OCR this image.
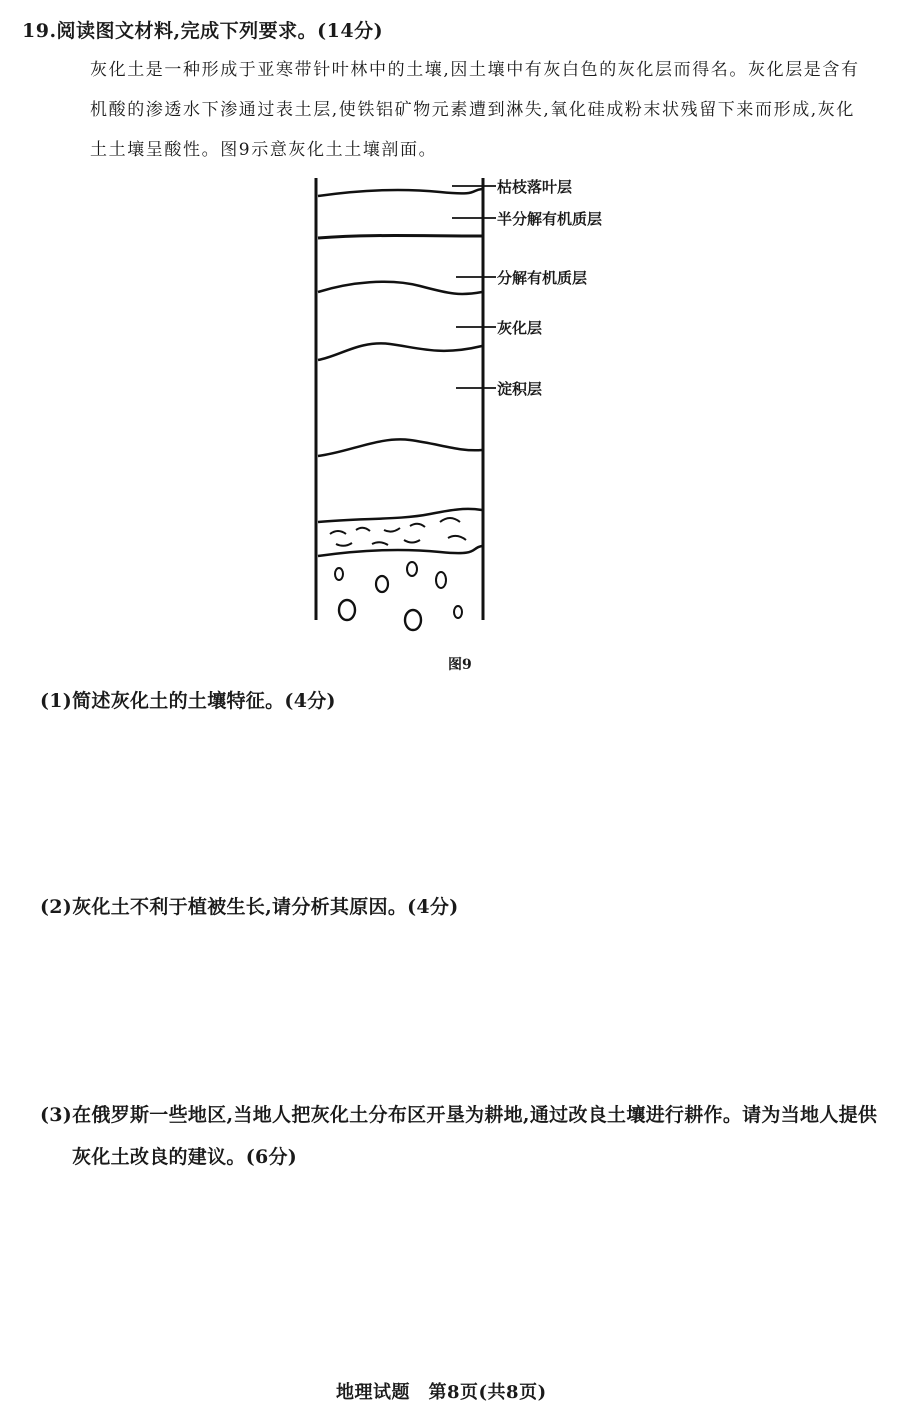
19.阅读图文材料,完成下列要求。(14分)

灰化土是一种形成于亚寒带针叶林中的土壤,因土壤中有灰白色的灰化层而得名。灰化层是含有机酸的渗透水下渗通过表土层,使铁铝矿物元素遭到淋失,氧化硅成粉末状残留下来而形成,灰化土土壤呈酸性。图9示意灰化土土壤剖面。

枯枝落叶层
半分解有机质层
分解有机质层
灰化层
淀积层
图9
(1)简述灰化土的土壤特征。(4分)
(2)灰化土不利于植被生长,请分析其原因。(4分)
(3)在俄罗斯一些地区,当地人把灰化土分布区开垦为耕地,通过改良土壤进行耕作。请为当地人提供
灰化土改良的建议。(6分)
地理试题　第8页(共8页)
